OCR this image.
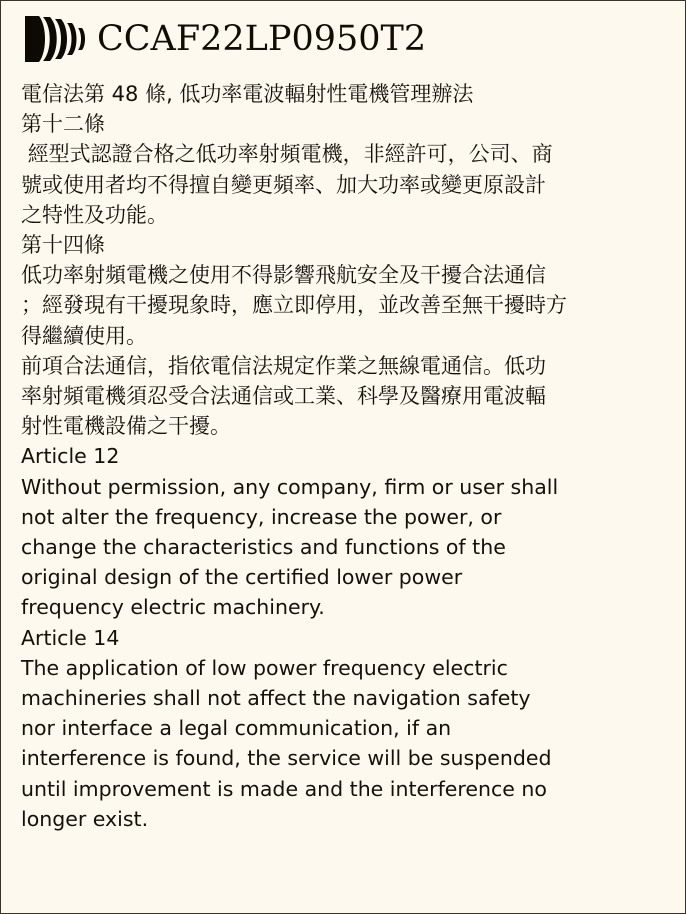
CCAF22LP0950T2
電信法第 48 條, 低功率電波輻射性電機管理辦法
第十二條
經型式認證合格之低功率射頻電機，非經許可，公司、商
號或使用者均不得擅自變更頻率、加大功率或變更原設計
之特性及功能。
第十四條
低功率射頻電機之使用不得影響飛航安全及干擾合法通信
；經發現有干擾現象時，應立即停用，並改善至無干擾時方
得繼續使用。
前項合法通信，指依電信法規定作業之無線電通信。低功
率射頻電機須忍受合法通信或工業、科學及醫療用電波輻
射性電機設備之干擾。
Article 12
Without permission, any company, firm or user shall
not alter the frequency, increase the power, or
change the characteristics and functions of the
original design of the certified lower power
frequency electric machinery.
Article 14
The application of low power frequency electric
machineries shall not affect the navigation safety
nor interface a legal communication, if an
interference is found, the service will be suspended
until improvement is made and the interference no
longer exist.
